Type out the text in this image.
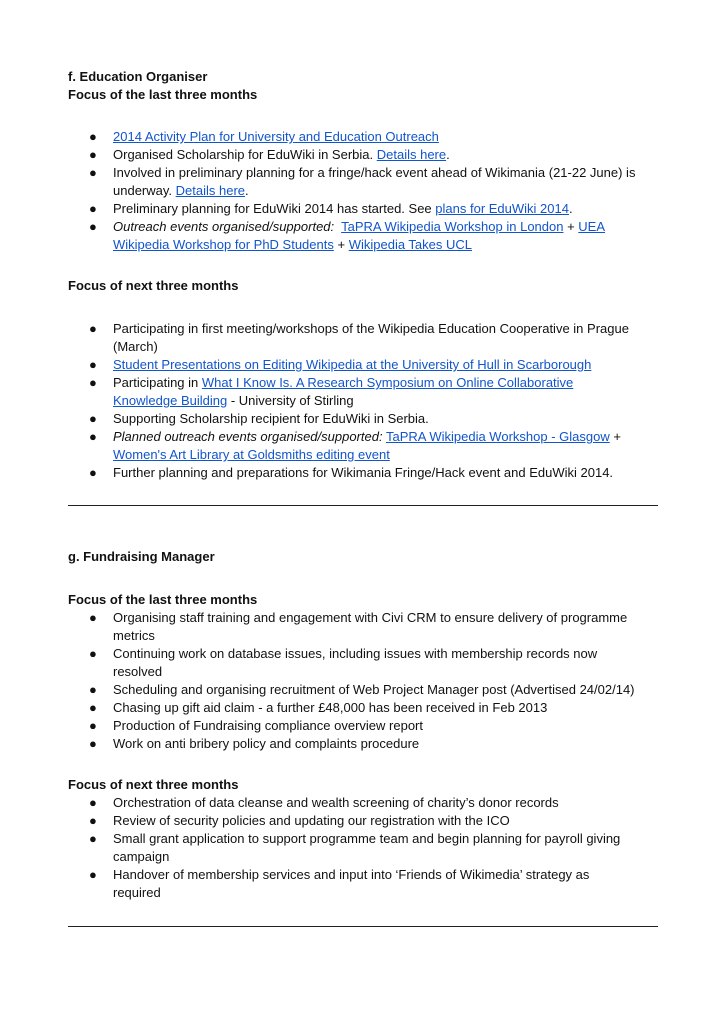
f. Education Organiser
Focus of the last three months
● 2014 Activity Plan for University and Education Outreach
● Organised Scholarship for EduWiki in Serbia. Details here.
● Involved in preliminary planning for a fringe/hack event ahead of Wikimania (21-22 June) is
underway. Details here.
● Preliminary planning for EduWiki 2014 has started. See plans for EduWiki 2014.
● Outreach events organised/supported: TaPRA Wikipedia Workshop in London + UEA
Wikipedia Workshop for PhD Students + Wikipedia Takes UCL
Focus of next three months
● Participating in first meeting/workshops of the Wikipedia Education Cooperative in Prague
(March)
● Student Presentations on Editing Wikipedia at the University of Hull in Scarborough
● Participating in What I Know Is. A Research Symposium on Online Collaborative
Knowledge Building - University of Stirling
● Supporting Scholarship recipient for EduWiki in Serbia.
● Planned outreach events organised/supported: TaPRA Wikipedia Workshop - Glasgow +
Women's Art Library at Goldsmiths editing event
● Further planning and preparations for Wikimania Fringe/Hack event and EduWiki 2014.
g. Fundraising Manager
Focus of the last three months
● Organising staff training and engagement with Civi CRM to ensure delivery of programme
metrics
● Continuing work on database issues, including issues with membership records now
resolved
● Scheduling and organising recruitment of Web Project Manager post (Advertised 24/02/14)
● Chasing up gift aid claim - a further £48,000 has been received in Feb 2013
● Production of Fundraising compliance overview report
● Work on anti bribery policy and complaints procedure
Focus of next three months
● Orchestration of data cleanse and wealth screening of charity’s donor records
● Review of security policies and updating our registration with the ICO
● Small grant application to support programme team and begin planning for payroll giving
campaign
● Handover of membership services and input into ‘Friends of Wikimedia’ strategy as
required
